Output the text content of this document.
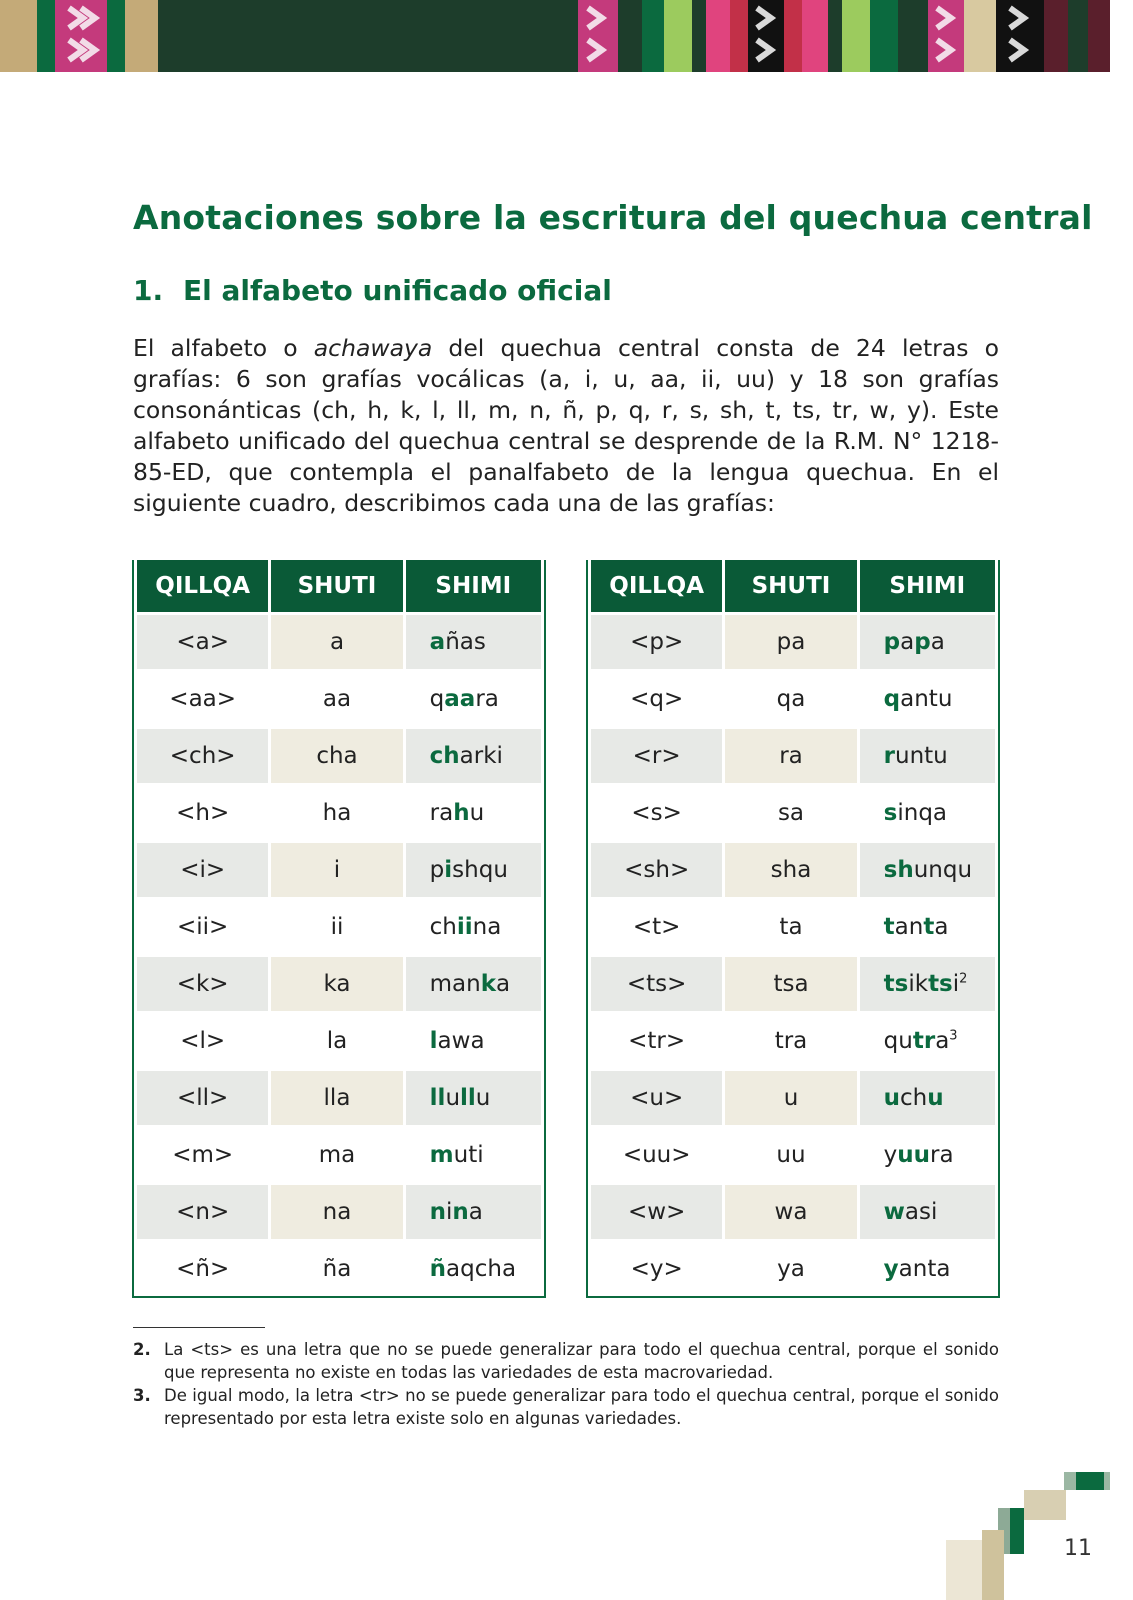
Anotaciones sobre la escritura del quechua central
1. El alfabeto unificado oficial

El alfabeto o achawaya del quechua central consta de 24 letras o grafías: 6 son grafías vocálicas (a, i, u, aa, ii, uu) y 18 son grafías consonánticas (ch, h, k, l, ll, m, n, ñ, p, q, r, s, sh, t, ts, tr, w, y). Este alfabeto unificado del quechua central se desprende de la R.M. N° 1218-85-ED, que contempla el panalfabeto de la lengua quechua. En el siguiente cuadro, describimos cada una de las grafías:

QILLQA	SHUTI	SHIMI
<a>	a	añas
<aa>	aa	qaara
<ch>	cha	charki
<h>	ha	rahu
<i>	i	pishqu
<ii>	ii	chiina
<k>	ka	manka
<l>	la	lawa
<ll>	lla	llullu
<m>	ma	muti
<n>	na	nina
<ñ>	ña	ñaqcha
QILLQA	SHUTI	SHIMI
<p>	pa	papa
<q>	qa	qantu
<r>	ra	runtu
<s>	sa	sinqa
<sh>	sha	shunqu
<t>	ta	tanta
<ts>	tsa	tsiktsi$^2$
<tr>	tra	qutra$^3$
<u>	u	uchu
<uu>	uu	yuura
<w>	wa	wasi
<y>	ya	yanta
2. La <ts> es una letra que no se puede generalizar para todo el quechua central, porque el sonido que representa no existe en todas las variedades de esta macrovariedad.
3. De igual modo, la letra <tr> no se puede generalizar para todo el quechua central, porque el sonido representado por esta letra existe solo en algunas variedades.
11
